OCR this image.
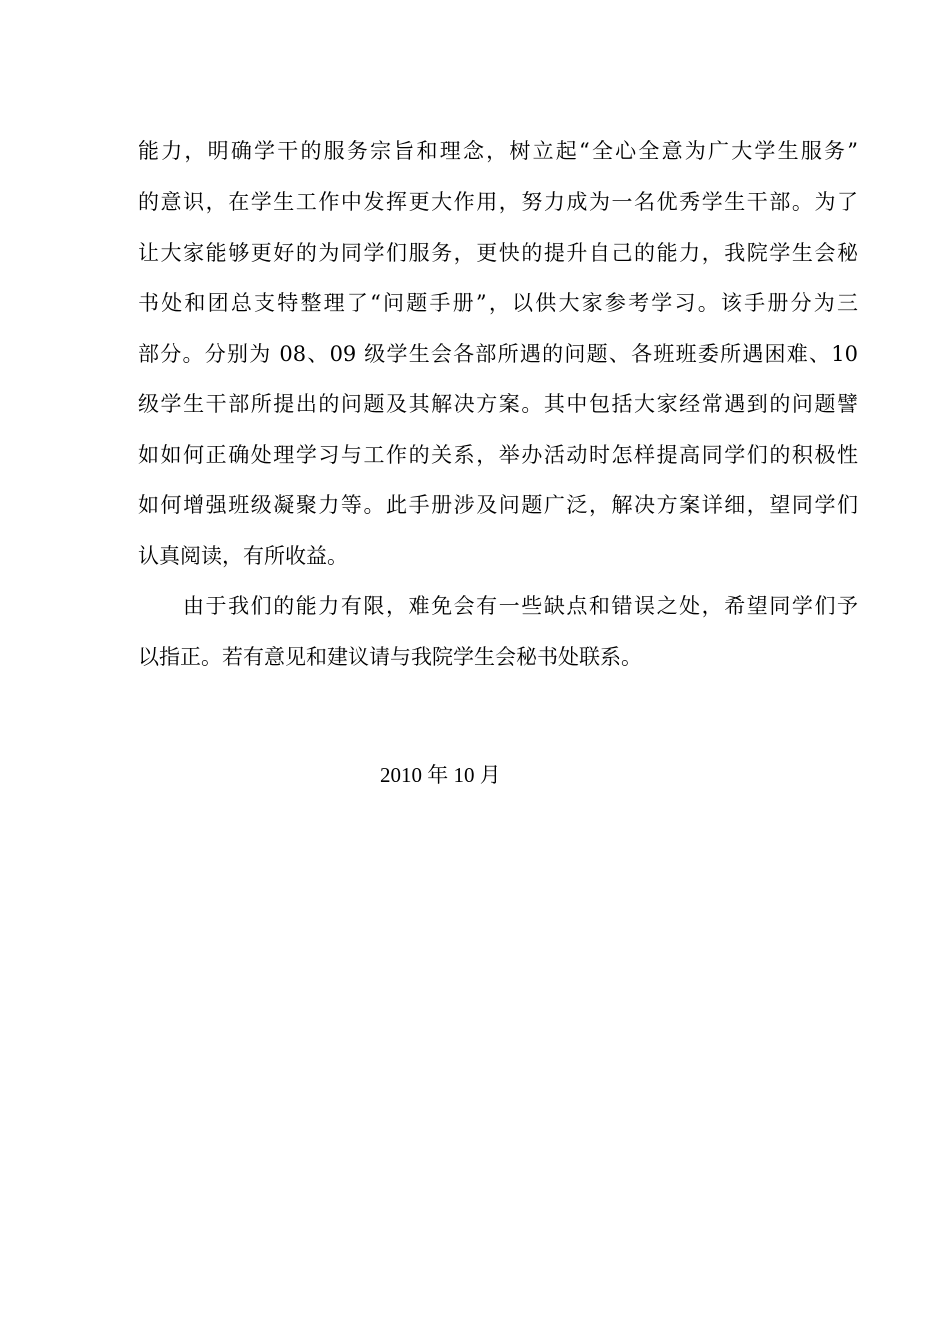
能力，明确学干的服务宗旨和理念，树立起“全心全意为广大学生服务”
的意识，在学生工作中发挥更大作用，努力成为一名优秀学生干部。为了
让大家能够更好的为同学们服务，更快的提升自己的能力，我院学生会秘
书处和团总支特整理了“问题手册”，以供大家参考学习。该手册分为三
部分。分别为 08、09 级学生会各部所遇的问题、各班班委所遇困难、10
级学生干部所提出的问题及其解决方案。其中包括大家经常遇到的问题譬
如如何正确处理学习与工作的关系，举办活动时怎样提高同学们的积极性
如何增强班级凝聚力等。此手册涉及问题广泛，解决方案详细，望同学们
认真阅读，有所收益。
由于我们的能力有限，难免会有一些缺点和错误之处，希望同学们予
以指正。若有意见和建议请与我院学生会秘书处联系。
2010 年 10 月
